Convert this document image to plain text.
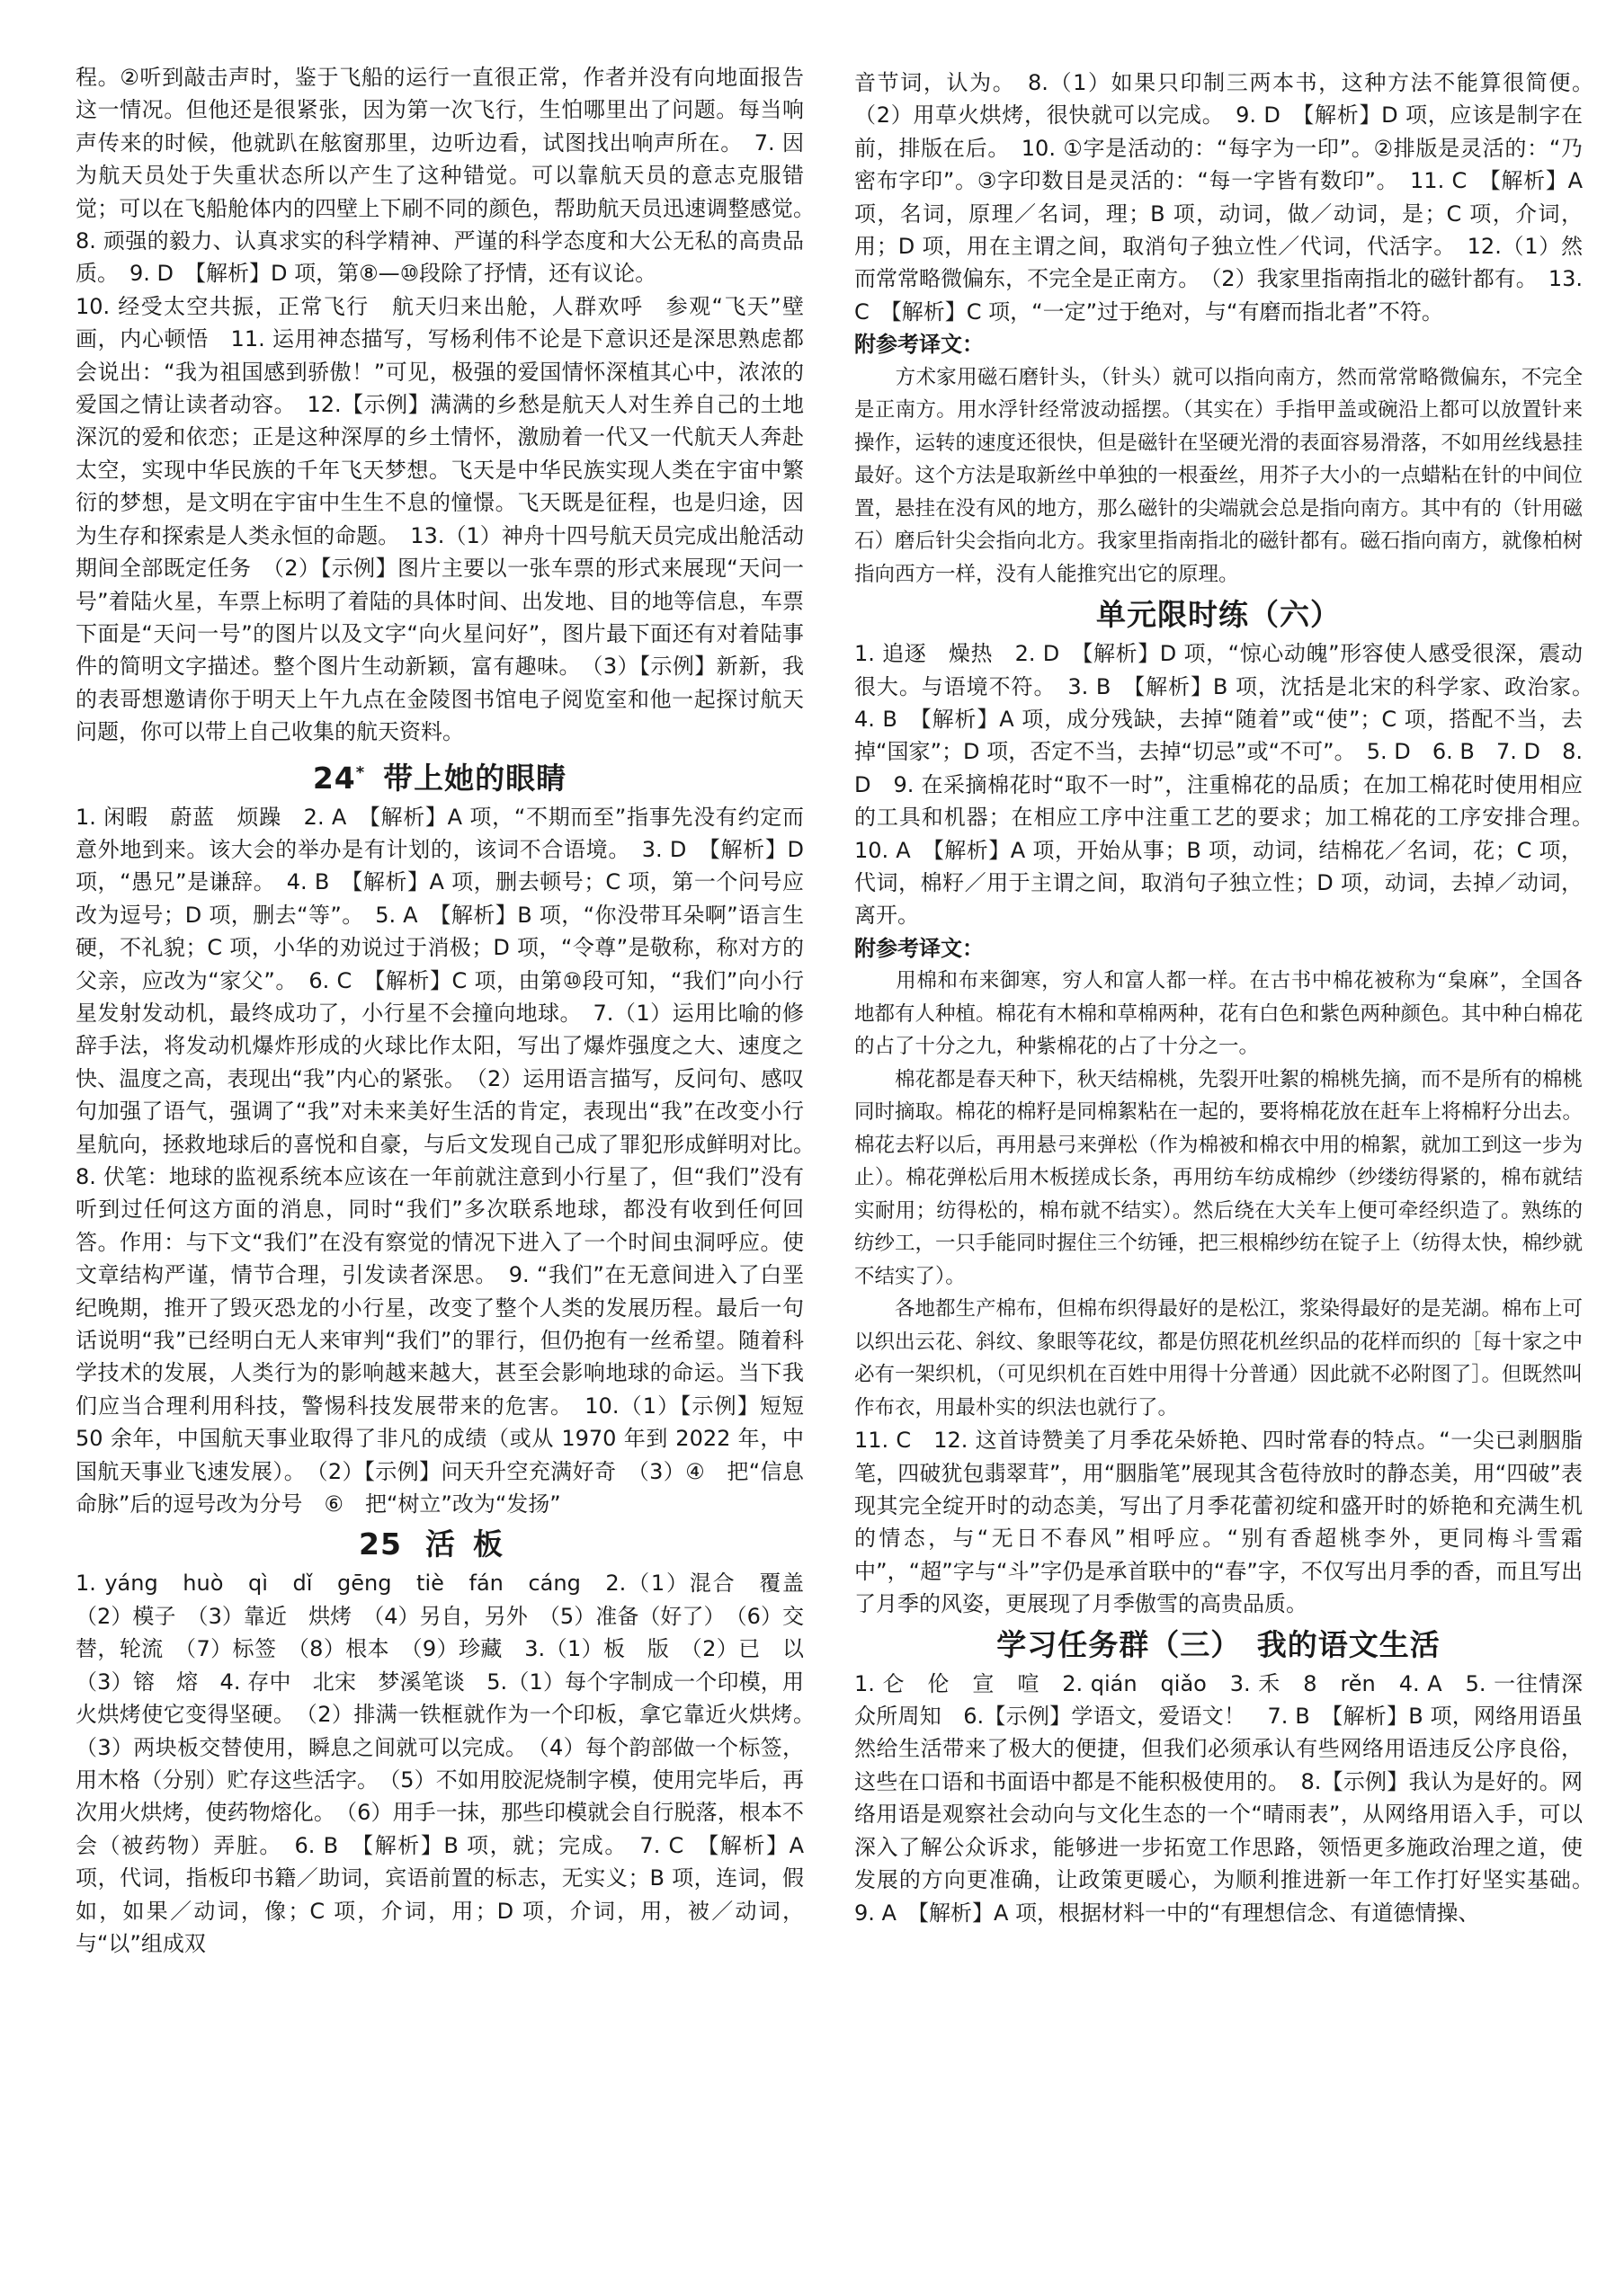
程。②听到敲击声时，鉴于飞船的运行一直很正常，作者并没有向地面报告这一情况。但他还是很紧张，因为第一次飞行，生怕哪里出了问题。每当响声传来的时候，他就趴在舷窗那里，边听边看，试图找出响声所在。　7. 因为航天员处于失重状态所以产生了这种错觉。可以靠航天员的意志克服错觉；可以在飞船舱体内的四壁上下刷不同的颜色，帮助航天员迅速调整感觉。　8. 顽强的毅力、认真求实的科学精神、严谨的科学态度和大公无私的高贵品质。　9. D　【解析】D 项，第⑧—⑩段除了抒情，还有议论。

10. 经受太空共振，正常飞行　航天归来出舱，人群欢呼　参观“飞天”壁画，内心顿悟　11. 运用神态描写，写杨利伟不论是下意识还是深思熟虑都会说出：“我为祖国感到骄傲！”可见，极强的爱国情怀深植其心中，浓浓的爱国之情让读者动容。　12.【示例】满满的乡愁是航天人对生养自己的土地深沉的爱和依恋；正是这种深厚的乡土情怀，激励着一代又一代航天人奔赴太空，实现中华民族的千年飞天梦想。飞天是中华民族实现人类在宇宙中繁衍的梦想，是文明在宇宙中生生不息的憧憬。飞天既是征程，也是归途，因为生存和探索是人类永恒的命题。　13.（1）神舟十四号航天员完成出舱活动期间全部既定任务　（2）【示例】图片主要以一张车票的形式来展现“天问一号”着陆火星，车票上标明了着陆的具体时间、出发地、目的地等信息，车票下面是“天问一号”的图片以及文字“向火星问好”，图片最下面还有对着陆事件的简明文字描述。整个图片生动新颖，富有趣味。　（3）【示例】新新，我的表哥想邀请你于明天上午九点在金陵图书馆电子阅览室和他一起探讨航天问题，你可以带上自己收集的航天资料。

24* 带上她的眼睛

1. 闲暇　蔚蓝　烦躁　2. A　【解析】A 项，“不期而至”指事先没有约定而意外地到来。该大会的举办是有计划的，该词不合语境。　3. D　【解析】D 项，“愚兄”是谦辞。　4. B　【解析】A 项，删去顿号；C 项，第一个问号应改为逗号；D 项，删去“等”。　5. A　【解析】B 项，“你没带耳朵啊”语言生硬，不礼貌；C 项，小华的劝说过于消极；D 项，“令尊”是敬称，称对方的父亲，应改为“家父”。　6. C　【解析】C 项，由第⑩段可知，“我们”向小行星发射发动机，最终成功了，小行星不会撞向地球。　7.（1）运用比喻的修辞手法，将发动机爆炸形成的火球比作太阳，写出了爆炸强度之大、速度之快、温度之高，表现出“我”内心的紧张。　（2）运用语言描写，反问句、感叹句加强了语气，强调了“我”对未来美好生活的肯定，表现出“我”在改变小行星航向，拯救地球后的喜悦和自豪，与后文发现自己成了罪犯形成鲜明对比。　8. 伏笔：地球的监视系统本应该在一年前就注意到小行星了，但“我们”没有听到过任何这方面的消息，同时“我们”多次联系地球，都没有收到任何回答。作用：与下文“我们”在没有察觉的情况下进入了一个时间虫洞呼应。使文章结构严谨，情节合理，引发读者深思。　9. “我们”在无意间进入了白垩纪晚期，推开了毁灭恐龙的小行星，改变了整个人类的发展历程。最后一句话说明“我”已经明白无人来审判“我们”的罪行，但仍抱有一丝希望。随着科学技术的发展，人类行为的影响越来越大，甚至会影响地球的命运。当下我们应当合理利用科技，警惕科技发展带来的危害。　10.（1）【示例】短短 50 余年，中国航天事业取得了非凡的成绩（或从 1970 年到 2022 年，中国航天事业飞速发展）。　（2）【示例】问天升空充满好奇　（3）④　把“信息命脉”后的逗号改为分号　⑥　把“树立”改为“发扬”

25 活板

1. yáng　huò　qì　dǐ　gēng　tiè　fán　cáng　2.（1）混合　覆盖　（2）模子　（3）靠近　烘烤　（4）另自，另外　（5）准备（好了）　（6）交替，轮流　（7）标签　（8）根本　（9）珍藏　3.（1）板　版　（2）已　以　（3）镕　熔　4. 存中　北宋　梦溪笔谈　5.（1）每个字制成一个印模，用火烘烤使它变得坚硬。　（2）排满一铁框就作为一个印板，拿它靠近火烘烤。　（3）两块板交替使用，瞬息之间就可以完成。　（4）每个韵部做一个标签，用木格（分别）贮存这些活字。　（5）不如用胶泥烧制字模，使用完毕后，再次用火烘烤，使药物熔化。　（6）用手一抹，那些印模就会自行脱落，根本不会（被药物）弄脏。　6. B　【解析】B 项，就；完成。　7. C　【解析】A 项，代词，指板印书籍／助词，宾语前置的标志，无实义；B 项，连词，假如，如果／动词，像；C 项，介词，用；D 项，介词，用，被／动词，与“以”组成双

音节词，认为。　8.（1）如果只印制三两本书，这种方法不能算很简便。　（2）用草火烘烤，很快就可以完成。　9. D　【解析】D 项，应该是制字在前，排版在后。　10. ①字是活动的：“每字为一印”。②排版是灵活的：“乃密布字印”。③字印数目是灵活的：“每一字皆有数印”。　11. C　【解析】A 项，名词，原理／名词，理；B 项，动词，做／动词，是；C 项，介词，用；D 项，用在主谓之间，取消句子独立性／代词，代活字。　12.（1）然而常常略微偏东，不完全是正南方。　（2）我家里指南指北的磁针都有。　13. C　【解析】C 项，“一定”过于绝对，与“有磨而指北者”不符。

附参考译文：

　　方术家用磁石磨针头，（针头）就可以指向南方，然而常常略微偏东，不完全是正南方。用水浮针经常波动摇摆。（其实在）手指甲盖或碗沿上都可以放置针来操作，运转的速度还很快，但是磁针在坚硬光滑的表面容易滑落，不如用丝线悬挂最好。这个方法是取新丝中单独的一根蚕丝，用芥子大小的一点蜡粘在针的中间位置，悬挂在没有风的地方，那么磁针的尖端就会总是指向南方。其中有的（针用磁石）磨后针尖会指向北方。我家里指南指北的磁针都有。磁石指向南方，就像柏树指向西方一样，没有人能推究出它的原理。

单元限时练（六）

1. 追逐　燥热　2. D　【解析】D 项，“惊心动魄”形容使人感受很深，震动很大。与语境不符。　3. B　【解析】B 项，沈括是北宋的科学家、政治家。　4. B　【解析】A 项，成分残缺，去掉“随着”或“使”；C 项，搭配不当，去掉“国家”；D 项，否定不当，去掉“切忌”或“不可”。　5. D　6. B　7. D　8. D　9. 在采摘棉花时“取不一时”，注重棉花的品质；在加工棉花时使用相应的工具和机器；在相应工序中注重工艺的要求；加工棉花的工序安排合理。　10. A　【解析】A 项，开始从事；B 项，动词，结棉花／名词，花；C 项，代词，棉籽／用于主谓之间，取消句子独立性；D 项，动词，去掉／动词，离开。

附参考译文：

　　用棉和布来御寒，穷人和富人都一样。在古书中棉花被称为“枲麻”，全国各地都有人种植。棉花有木棉和草棉两种，花有白色和紫色两种颜色。其中种白棉花的占了十分之九，种紫棉花的占了十分之一。

　　棉花都是春天种下，秋天结棉桃，先裂开吐絮的棉桃先摘，而不是所有的棉桃同时摘取。棉花的棉籽是同棉絮粘在一起的，要将棉花放在赶车上将棉籽分出去。棉花去籽以后，再用悬弓来弹松（作为棉被和棉衣中用的棉絮，就加工到这一步为止）。棉花弹松后用木板搓成长条，再用纺车纺成棉纱（纱缕纺得紧的，棉布就结实耐用；纺得松的，棉布就不结实）。然后绕在大关车上便可牵经织造了。熟练的纺纱工，一只手能同时握住三个纺锤，把三根棉纱纺在锭子上（纺得太快，棉纱就不结实了）。

　　各地都生产棉布，但棉布织得最好的是松江，浆染得最好的是芜湖。棉布上可以织出云花、斜纹、象眼等花纹，都是仿照花机丝织品的花样而织的［每十家之中必有一架织机，（可见织机在百姓中用得十分普通）因此就不必附图了］。但既然叫作布衣，用最朴实的织法也就行了。

11. C　12. 这首诗赞美了月季花朵娇艳、四时常春的特点。“一尖已剥胭脂笔，四破犹包翡翠茸”，用“胭脂笔”展现其含苞待放时的静态美，用“四破”表现其完全绽开时的动态美，写出了月季花蕾初绽和盛开时的娇艳和充满生机的情态，与“无日不春风”相呼应。“别有香超桃李外，更同梅斗雪霜中”，“超”字与“斗”字仍是承首联中的“春”字，不仅写出月季的香，而且写出了月季的风姿，更展现了月季傲雪的高贵品质。

学习任务群（三）　我的语文生活

1. 仑　伦　宣　喧　2. qián　qiǎo　3. 禾　8　rěn　4. A　5. 一往情深　众所周知　6.【示例】学语文，爱语文！　7. B　【解析】B 项，网络用语虽然给生活带来了极大的便捷，但我们必须承认有些网络用语违反公序良俗，这些在口语和书面语中都是不能积极使用的。　8.【示例】我认为是好的。网络用语是观察社会动向与文化生态的一个“晴雨表”，从网络用语入手，可以深入了解公众诉求，能够进一步拓宽工作思路，领悟更多施政治理之道，使发展的方向更准确，让政策更暖心，为顺利推进新一年工作打好坚实基础。　9. A　【解析】A 项，根据材料一中的“有理想信念、有道德情操、
